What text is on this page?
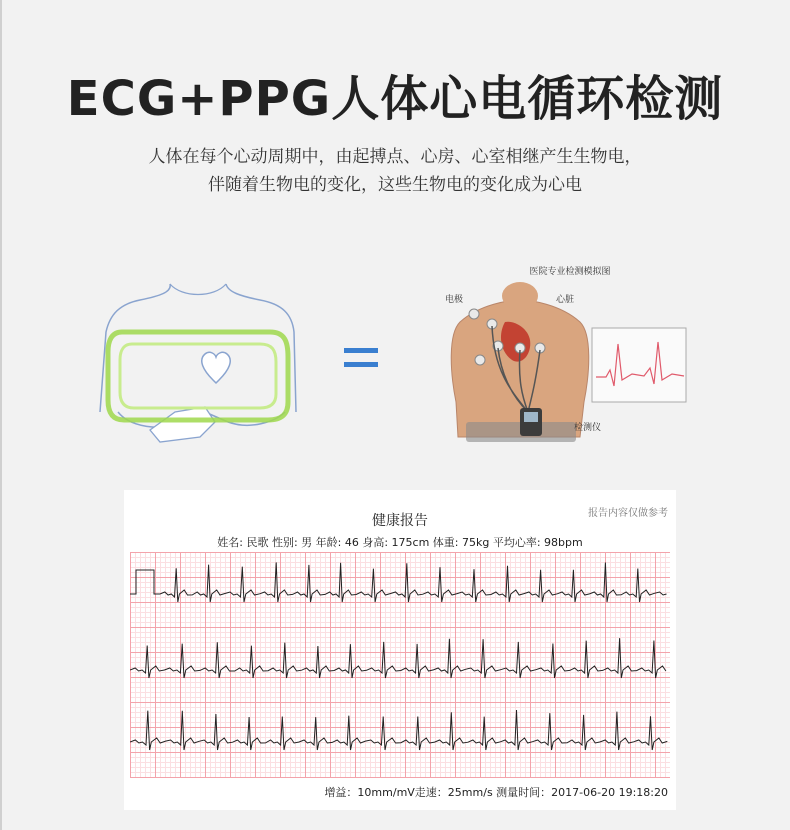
ECG+PPG人体心电循环检测
人体在每个心动周期中，由起搏点、心房、心室相继产生生物电，
伴随着生物电的变化，这些生物电的变化成为心电
医院专业检测模拟图
电极	心脏
检测仪
报告内容仅做参考
健康报告
姓名: 民歌 性别: 男 年龄: 46 身高: 175cm 体重: 75kg 平均心率: 98bpm
增益：10mm/mV走速：25mm/s 测量时间：2017-06-20 19:18:20
